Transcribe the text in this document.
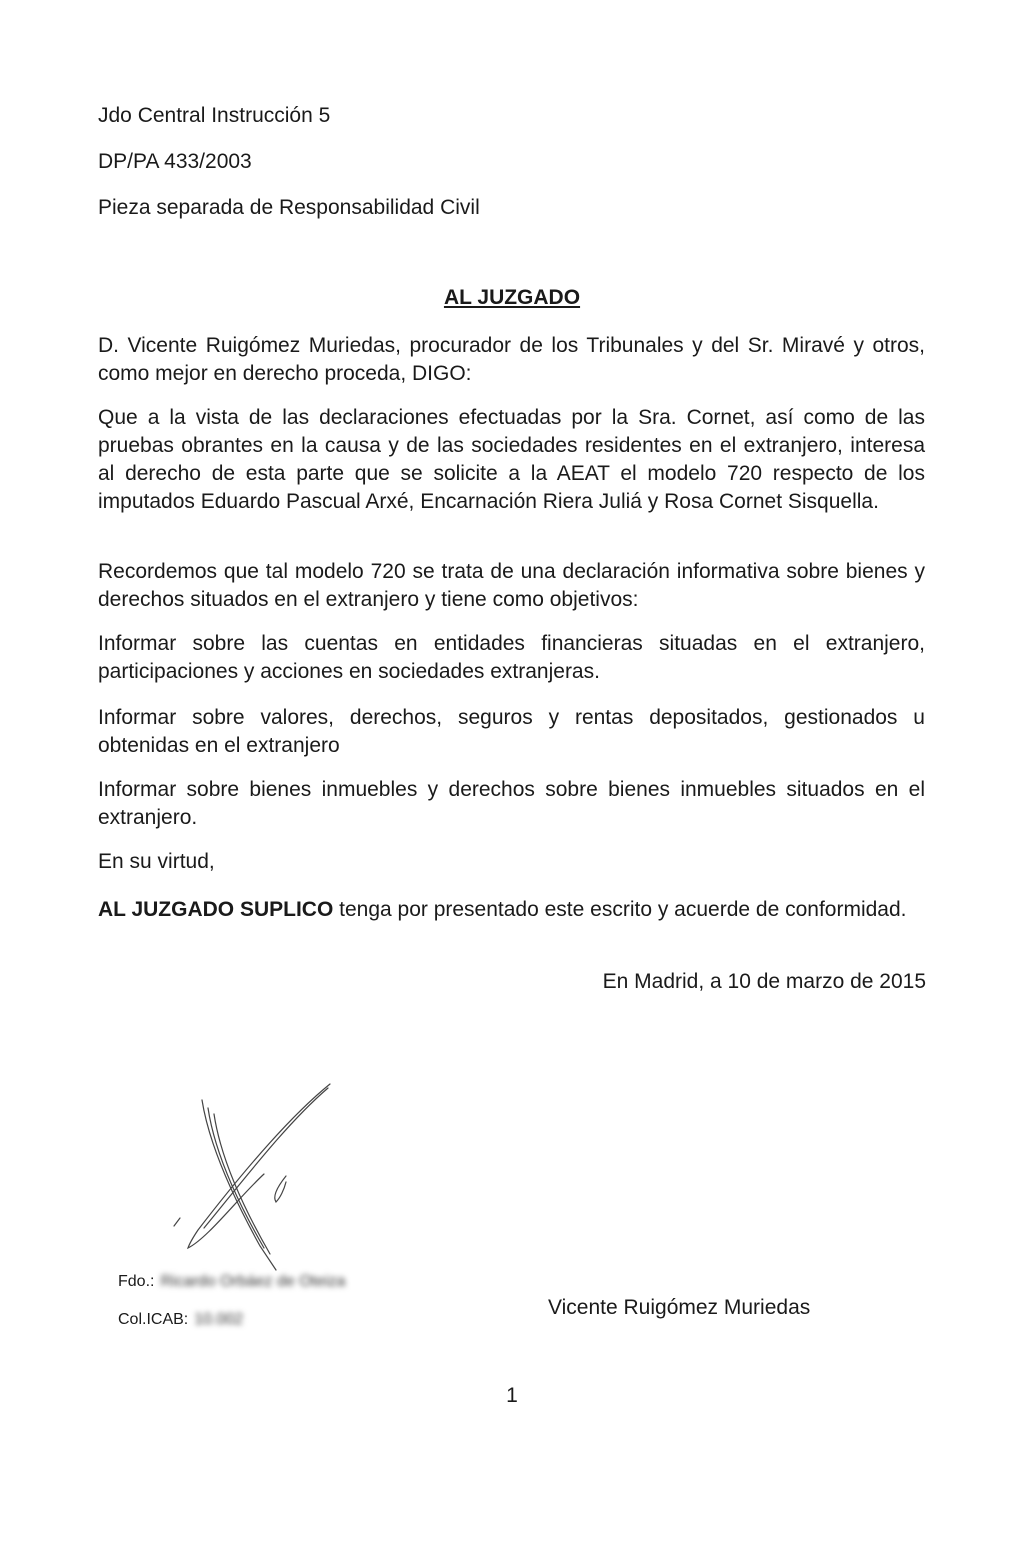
Jdo Central Instrucción 5

DP/PA 433/2003

Pieza separada de Responsabilidad Civil

AL JUZGADO

D. Vicente Ruigómez Muriedas, procurador de los Tribunales y del Sr. Miravé y otros, como mejor en derecho proceda, DIGO:

Que a la vista de las declaraciones efectuadas por la Sra. Cornet, así como de las pruebas obrantes en la causa y de las sociedades residentes en el extranjero, interesa al derecho de esta parte que se solicite a la AEAT el modelo 720 respecto de los imputados Eduardo Pascual Arxé, Encarnación Riera Juliá y Rosa Cornet Sisquella.

Recordemos que tal modelo 720 se trata de una declaración informativa sobre bienes y derechos situados en el extranjero y tiene como objetivos:

Informar sobre las cuentas en entidades financieras situadas en el extranjero, participaciones y acciones en sociedades extranjeras.

Informar sobre valores, derechos, seguros y rentas depositados, gestionados u obtenidas en el extranjero

Informar sobre bienes inmuebles y derechos sobre bienes inmuebles situados en el extranjero.

En su virtud,

AL JUZGADO SUPLICO tenga por presentado este escrito y acuerde de conformidad.

En Madrid, a 10 de marzo de 2015

Fdo.: Ricardo Orbáez de Oteiza
Col.ICAB: 10.002

Vicente Ruigómez Muriedas

1
